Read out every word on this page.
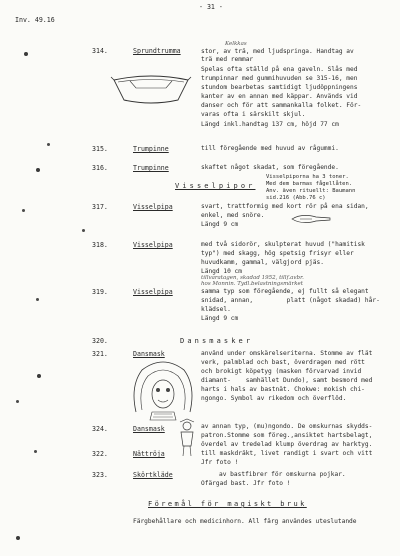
- 31 -
Inv. 49.16
314.	Sprundtrumma
Kelkkas
stor, av trä, med ljudspringa. Handtag av
trä med remmar
Spelas ofta ställd på ena gaveln. Slås med
trumpinnar med gummihuvuden se 315-16, men
stundom bearbetas samtidigt ljudöppningens
kanter av en annan med käppar. Används vid
danser och för att sammankalla folket. För-
varas ofta i särskilt skjul.
Längd inkl.handtag 137 cm, höjd 77 cm
315.	Trumpinne	till föregående med huvud av rågummi.
316.	Trumpinne	skaftet något skadat, som föregående.
Visselpipor
Visselpiporna ha 3 toner.
Med dem barmas fågellåten.
Anv. även rituellt: Baumann
sid.216 (Abb.76 c)
317.	Visselpipa	svart, trattformig med kort rör på ena sidan,
enkel, med snöre.
Längd 9 cm
318.	Visselpipa	med två sidorör, skulpterat huvud ("hamitisk
typ") med skagg, hög spetsig frisyr eller
huvudkamm, gammal, välgjord pjäs.
Längd 10 cm
tillvaratagen, skadad 1952, tillf.avbr.
hos Monnin. Tydl.belastningsmärket
319.	Visselpipa	samma typ som föregående, ej fullt så elegant
snidad, annan,         platt (något skadad) hår-
klädsel.
Längd 9 cm
320.	Dansmasker
321.	Dansmask	använd under omskärelseriterna. Stomme av flät
verk, palmblad och bast, överdragen med rött
och brokigt köpetyg (masken förvarvad invid
diamant-    samhället Dundo), samt besmord med
harts i hals av bastnät. Chokwe: mokish chi-
ngongo. Symbol av rikedom och överflöd.
324.	Dansmask	av annan typ, (mu)ngondo. De omskurnas skydds-
patron.Stomme som föreg.,ansiktet hartsbelagt,
överdel av tredelad klump överdrag av harktyg.
till maskdräkt, livet randigt i svart och vitt
Jfr foto !
322.	Nättröja
323.	Skörtkläde	av bastfibrer för omskurna pojkar.
Ofärgad bast. Jfr foto !
Föremål för magiskt bruk
Färgbehållare och medicinhorn. All färg användes uteslutande
